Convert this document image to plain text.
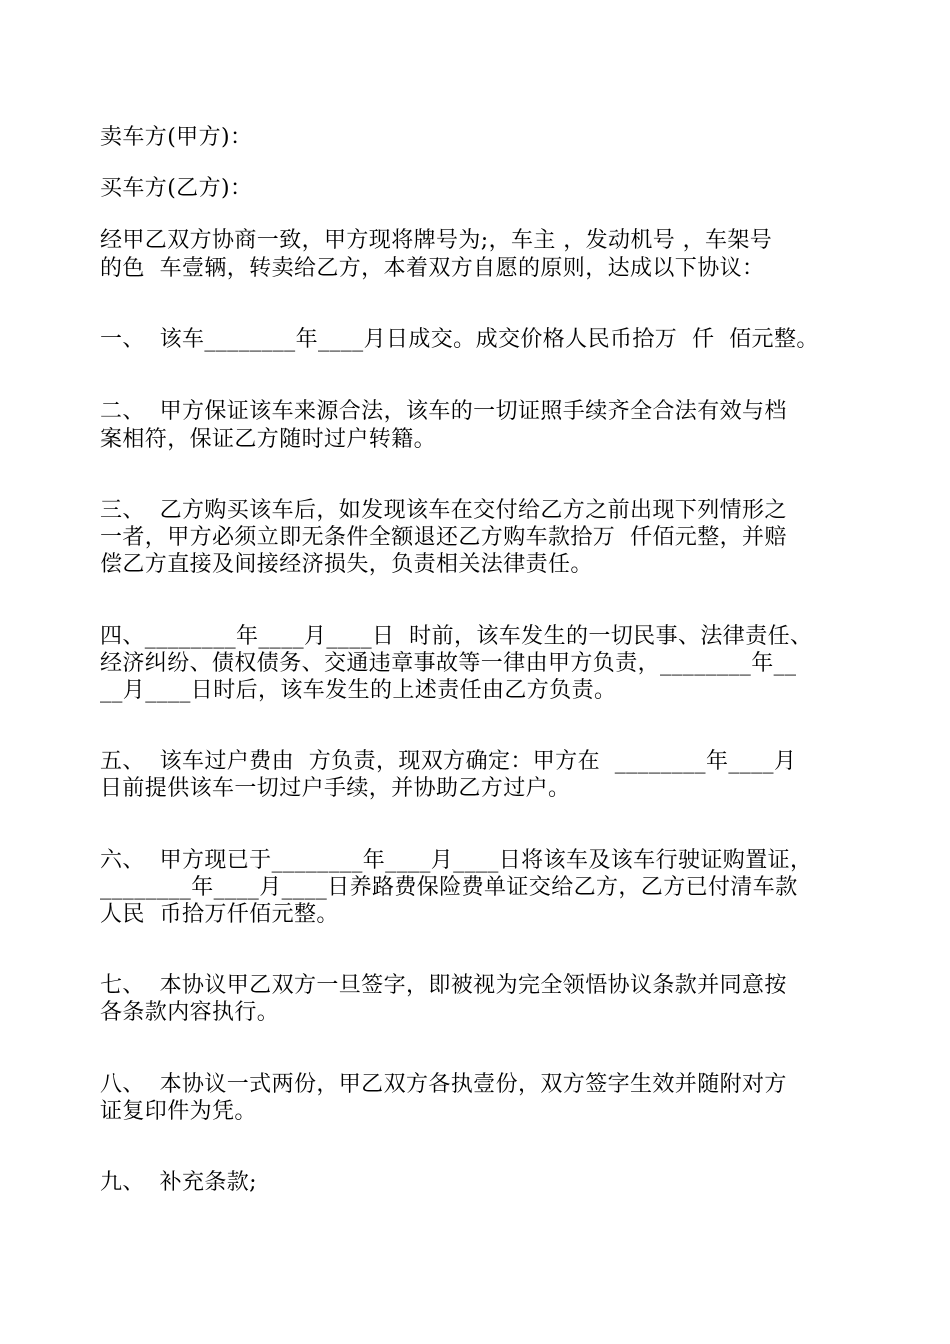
卖车方(甲方)：
买车方(乙方)：
经甲乙双方协商一致，甲方现将牌号为;，车主 ，发动机号 ，车架号
的色  车壹辆，转卖给乙方，本着双方自愿的原则，达成以下协议：
一、  该车________年____月日成交。成交价格人民币拾万  仟  佰元整。
二、  甲方保证该车来源合法，该车的一切证照手续齐全合法有效与档
案相符，保证乙方随时过户转籍。
三、  乙方购买该车后，如发现该车在交付给乙方之前出现下列情形之
一者，甲方必须立即无条件全额退还乙方购车款拾万  仟佰元整，并赔
偿乙方直接及间接经济损失，负责相关法律责任。
四、________年____月____日  时前，该车发生的一切民事、法律责任、
经济纠纷、债权债务、交通违章事故等一律由甲方负责，________年__
__月____日时后，该车发生的上述责任由乙方负责。
五、  该车过户费由  方负责，现双方确定：甲方在  ________年____月
日前提供该车一切过户手续，并协助乙方过户。
六、  甲方现已于________年____月____日将该车及该车行驶证购置证，
________年____月____日养路费保险费单证交给乙方，乙方已付清车款
人民  币拾万仟佰元整。
七、  本协议甲乙双方一旦签字，即被视为完全领悟协议条款并同意按
各条款内容执行。
八、  本协议一式两份，甲乙双方各执壹份，双方签字生效并随附对方
证复印件为凭。
九、  补充条款;
